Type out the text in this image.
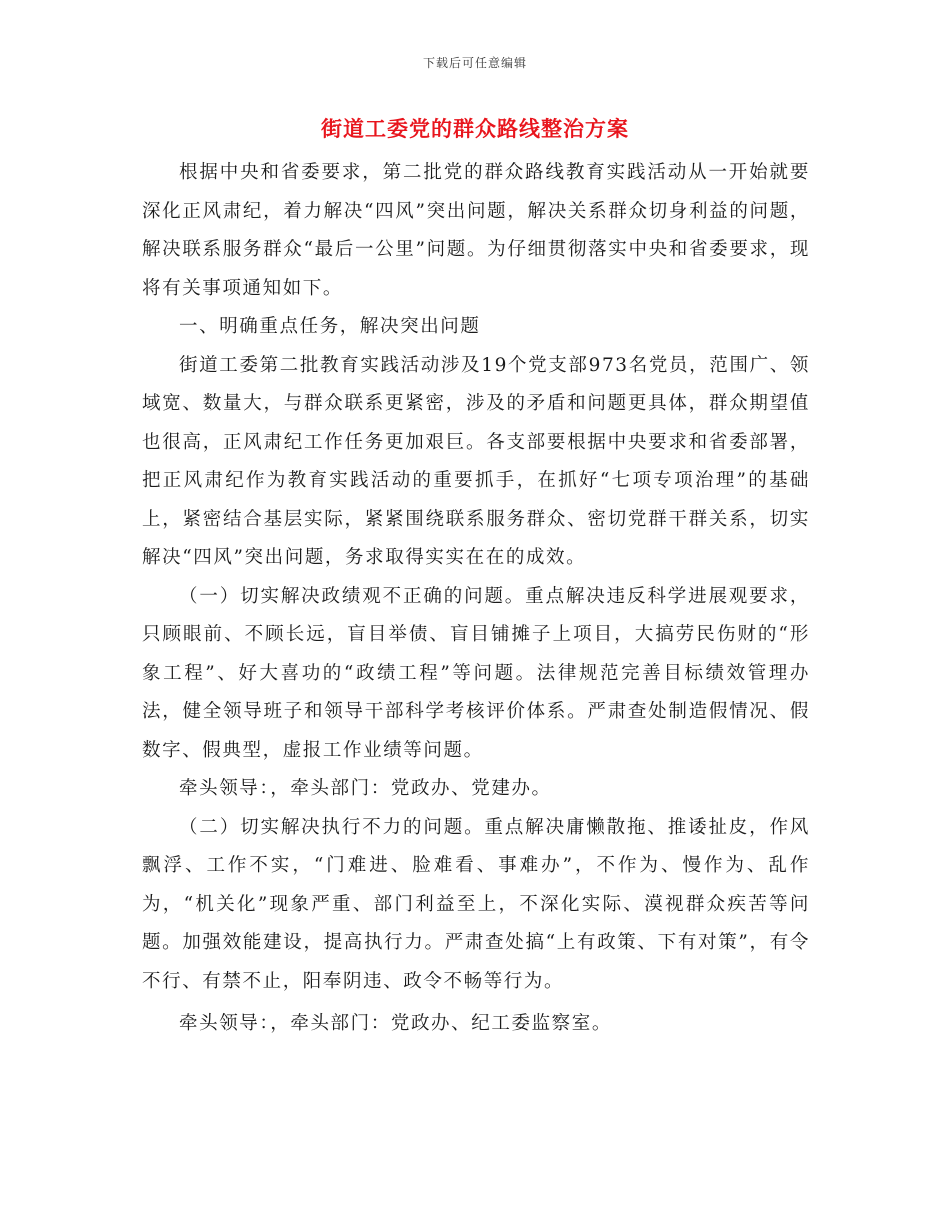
下载后可任意编辑
街道工委党的群众路线整治方案

根据中央和省委要求，第二批党的群众路线教育实践活动从一开始就要深化正风肃纪，着力解决“四风”突出问题，解决关系群众切身利益的问题，解决联系服务群众“最后一公里”问题。为仔细贯彻落实中央和省委要求，现将有关事项通知如下。

一、明确重点任务，解决突出问题

街道工委第二批教育实践活动涉及19个党支部973名党员，范围广、领域宽、数量大，与群众联系更紧密，涉及的矛盾和问题更具体，群众期望值也很高，正风肃纪工作任务更加艰巨。各支部要根据中央要求和省委部署，把正风肃纪作为教育实践活动的重要抓手，在抓好“七项专项治理”的基础上，紧密结合基层实际，紧紧围绕联系服务群众、密切党群干群关系，切实解决“四风”突出问题，务求取得实实在在的成效。

（一）切实解决政绩观不正确的问题。重点解决违反科学进展观要求，只顾眼前、不顾长远，盲目举债、盲目铺摊子上项目，大搞劳民伤财的“形象工程”、好大喜功的“政绩工程”等问题。法律规范完善目标绩效管理办法，健全领导班子和领导干部科学考核评价体系。严肃查处制造假情况、假数字、假典型，虚报工作业绩等问题。

牵头领导：，牵头部门：党政办、党建办。

（二）切实解决执行不力的问题。重点解决庸懒散拖、推诿扯皮，作风飘浮、工作不实，“门难进、脸难看、事难办”，不作为、慢作为、乱作为，“机关化”现象严重、部门利益至上，不深化实际、漠视群众疾苦等问题。加强效能建设，提高执行力。严肃查处搞“上有政策、下有对策”，有令不行、有禁不止，阳奉阴违、政令不畅等行为。

牵头领导：，牵头部门：党政办、纪工委监察室。
